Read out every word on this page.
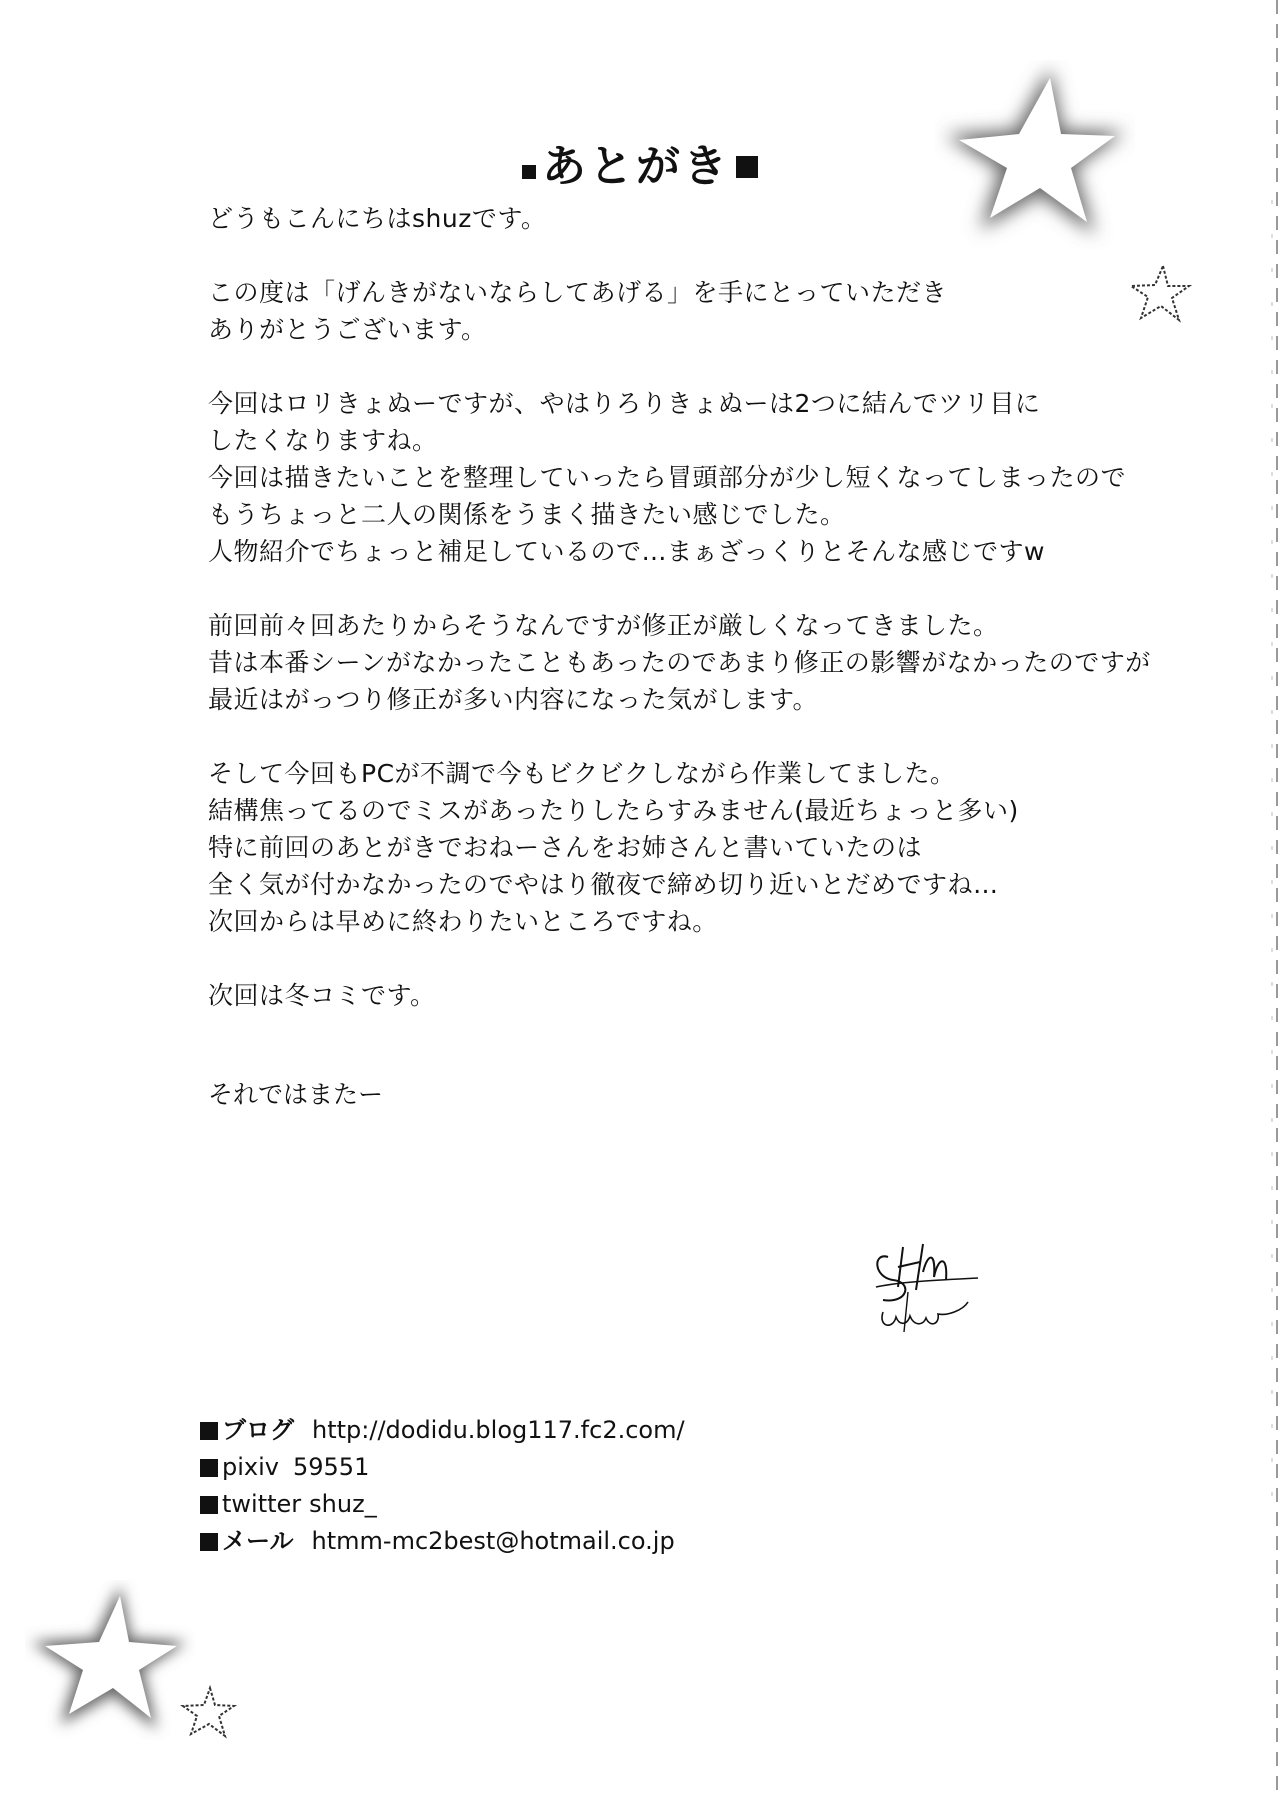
あとがき
どうもこんにちはshuzです。
この度は「げんきがないならしてあげる」を手にとっていただき
ありがとうございます。
今回はロリきょぬーですが、やはりろりきょぬーは2つに結んでツリ目に
したくなりますね。
今回は描きたいことを整理していったら冒頭部分が少し短くなってしまったので
もうちょっと二人の関係をうまく描きたい感じでした。
人物紹介でちょっと補足しているので…まぁざっくりとそんな感じですw
前回前々回あたりからそうなんですが修正が厳しくなってきました。
昔は本番シーンがなかったこともあったのであまり修正の影響がなかったのですが
最近はがっつり修正が多い内容になった気がします。
そして今回もPCが不調で今もビクビクしながら作業してました。
結構焦ってるのでミスがあったりしたらすみません(最近ちょっと多い)
特に前回のあとがきでおねーさんをお姉さんと書いていたのは
全く気が付かなかったのでやはり徹夜で締め切り近いとだめですね…
次回からは早めに終わりたいところですね。
次回は冬コミです。
それではまたー
ブログ http://dodidu.blog117.fc2.com/
pixiv 59551
twitter shuz_
メール htmm-mc2best@hotmail.co.jp
